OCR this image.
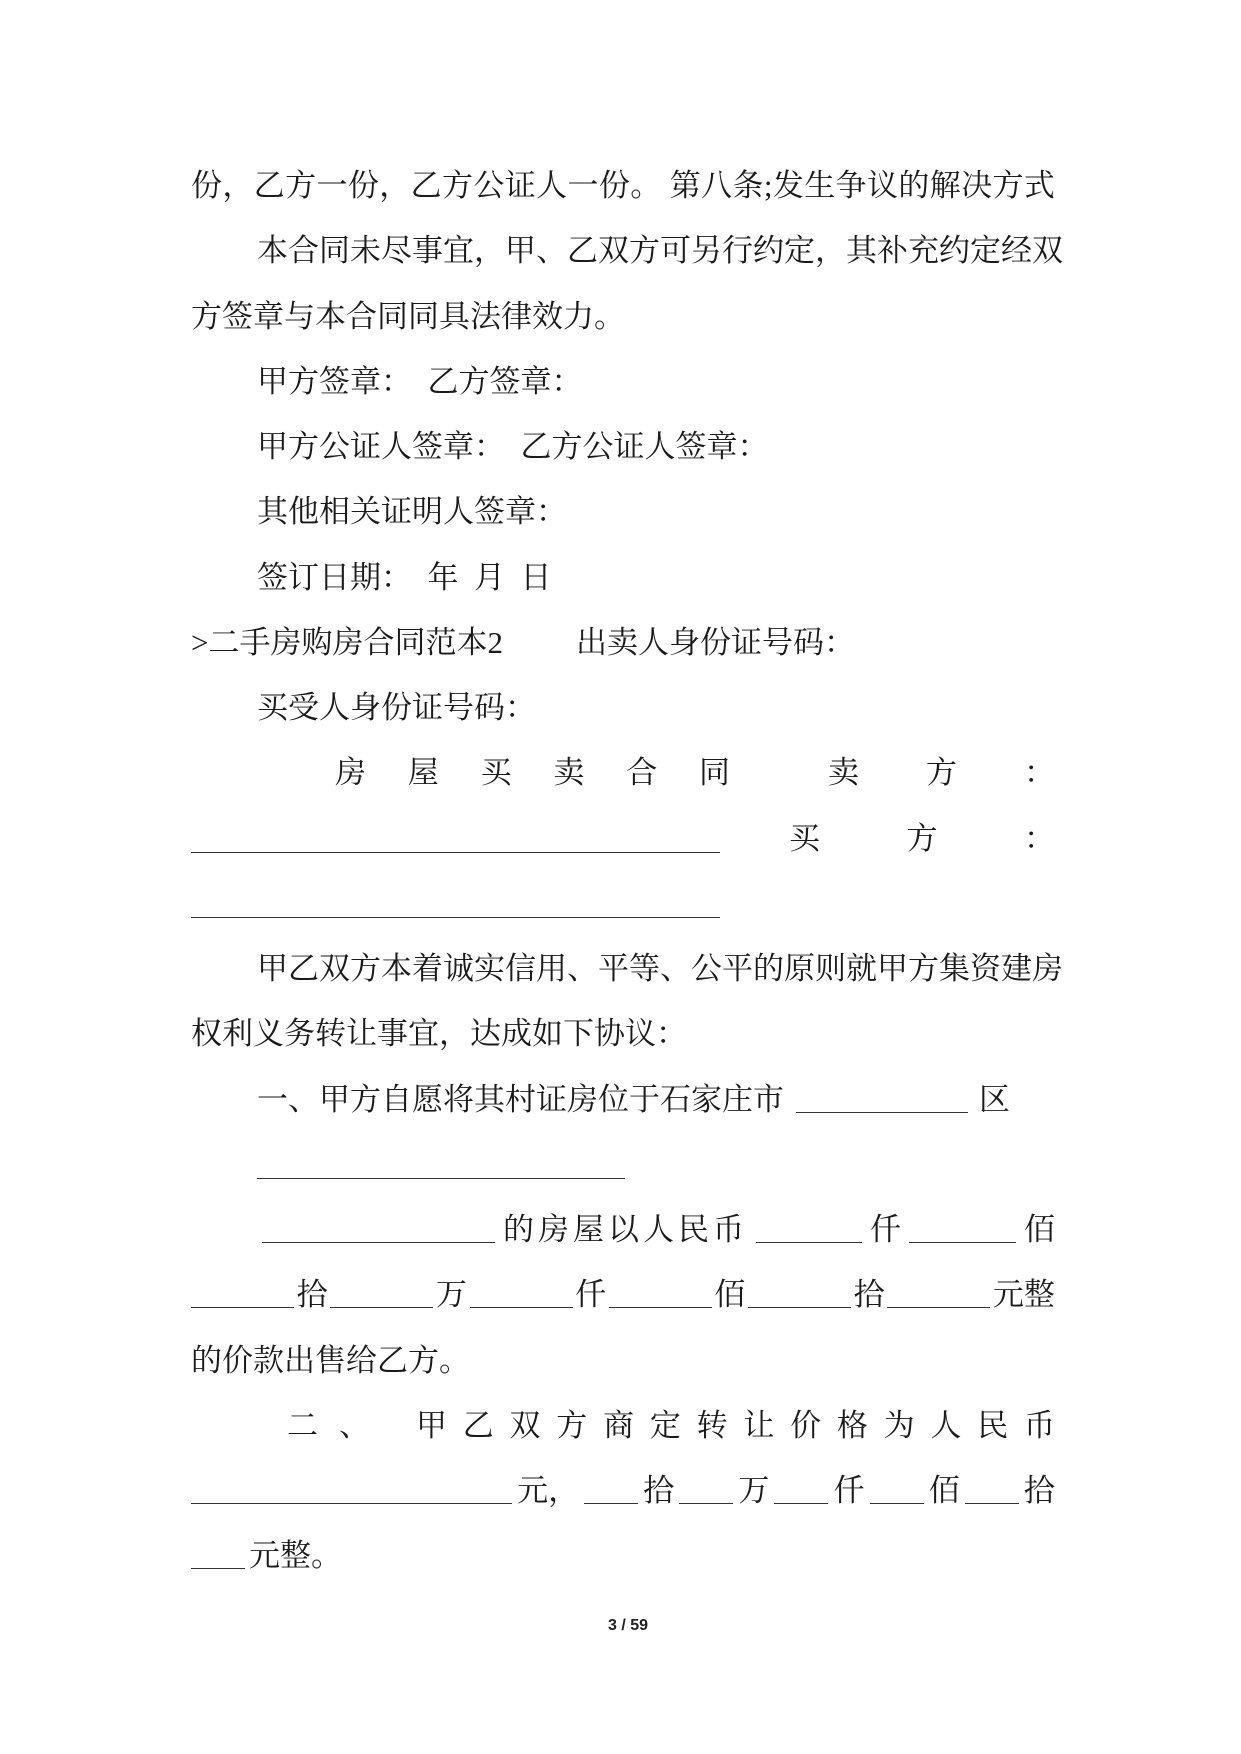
份 ， 乙 方 一 份 ， 乙 方 公 证 人 一 份 。
第 八 条 ; 发 生 争 议 的 解 决 方 式
本 合 同 未 尽 事 宜 ， 甲 、 乙 双 方 可 另 行 约 定 ， 其 补 充 约 定 经 双
方签章与本合同同具法律效力。
甲方签章：  乙方签章：
甲方公证人签章：  乙方公证人签章：
其他相关证明人签章：
签订日期：  年  月  日
>二手房购房合同范本2 出卖人身份证号码：
买受人身份证号码：
房 屋 买 卖 合 同	卖 方 ：
买	方	：
甲 乙 双 方 本 着 诚 实 信 用 、 平 等 、 公 平 的 原 则 就 甲 方 集 资 建 房
权利义务转让事宜，达成如下协议：
一、甲方自愿将其村证房位于石家庄市	区
的房屋以人民币	仟	佰
拾	万	仟	佰	拾	元整
的价款出售给乙方。
二 、 甲 乙 双 方 商 定 转 让 价 格 为 人 民 币
元， 拾 万 仟 佰 拾
元整。
3 / 59
